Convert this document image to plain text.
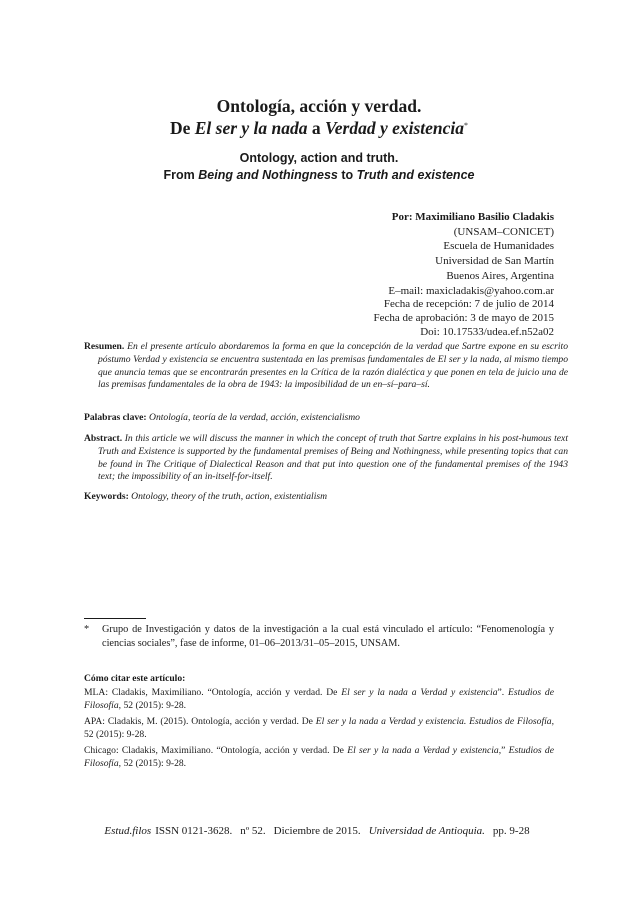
Ontología, acción y verdad.
De El ser y la nada a Verdad y existencia*
Ontology, action and truth.
From Being and Nothingness to Truth and existence
Por: Maximiliano Basilio Cladakis
(UNSAM–CONICET)
Escuela de Humanidades
Universidad de San Martín
Buenos Aires, Argentina
E–mail: maxicladakis@yahoo.com.ar
Fecha de recepción: 7 de julio de 2014
Fecha de aprobación: 3 de mayo de 2015
Doi: 10.17533/udea.ef.n52a02
Resumen. En el presente artículo abordaremos la forma en que la concepción de la verdad que Sartre expone en su escrito póstumo Verdad y existencia se encuentra sustentada en las premisas fundamentales de El ser y la nada, al mismo tiempo que anuncia temas que se encontrarán presentes en la Crítica de la razón dialéctica y que ponen en tela de juicio una de las premisas fundamentales de la obra de 1943: la imposibilidad de un en–sí–para–sí.
Palabras clave: Ontología, teoría de la verdad, acción, existencialismo
Abstract. In this article we will discuss the manner in which the concept of truth that Sartre explains in his post-humous text Truth and Existence is supported by the fundamental premises of Being and Nothingness, while presenting topics that can be found in The Critique of Dialectical Reason and that put into question one of the fundamental premises of the 1943 text; the impossibility of an in-itself-for-itself.
Keywords: Ontology, theory of the truth, action, existentialism
* Grupo de Investigación y datos de la investigación a la cual está vinculado el artículo: “Fenomenología y ciencias sociales”, fase de informe, 01–06–2013/31–05–2015, UNSAM.
Cómo citar este artículo:
MLA: Cladakis, Maximiliano. “Ontología, acción y verdad. De El ser y la nada a Verdad y existencia”. Estudios de Filosofía, 52 (2015): 9-28.
APA: Cladakis, M. (2015). Ontología, acción y verdad. De El ser y la nada a Verdad y existencia. Estudios de Filosofía, 52 (2015): 9-28.
Chicago: Cladakis, Maximiliano. “Ontología, acción y verdad. De El ser y la nada a Verdad y existencia,” Estudios de Filosofía, 52 (2015): 9-28.
Estud.filos ISSN 0121-3628. nº 52. Diciembre de 2015. Universidad de Antioquia. pp. 9-28
